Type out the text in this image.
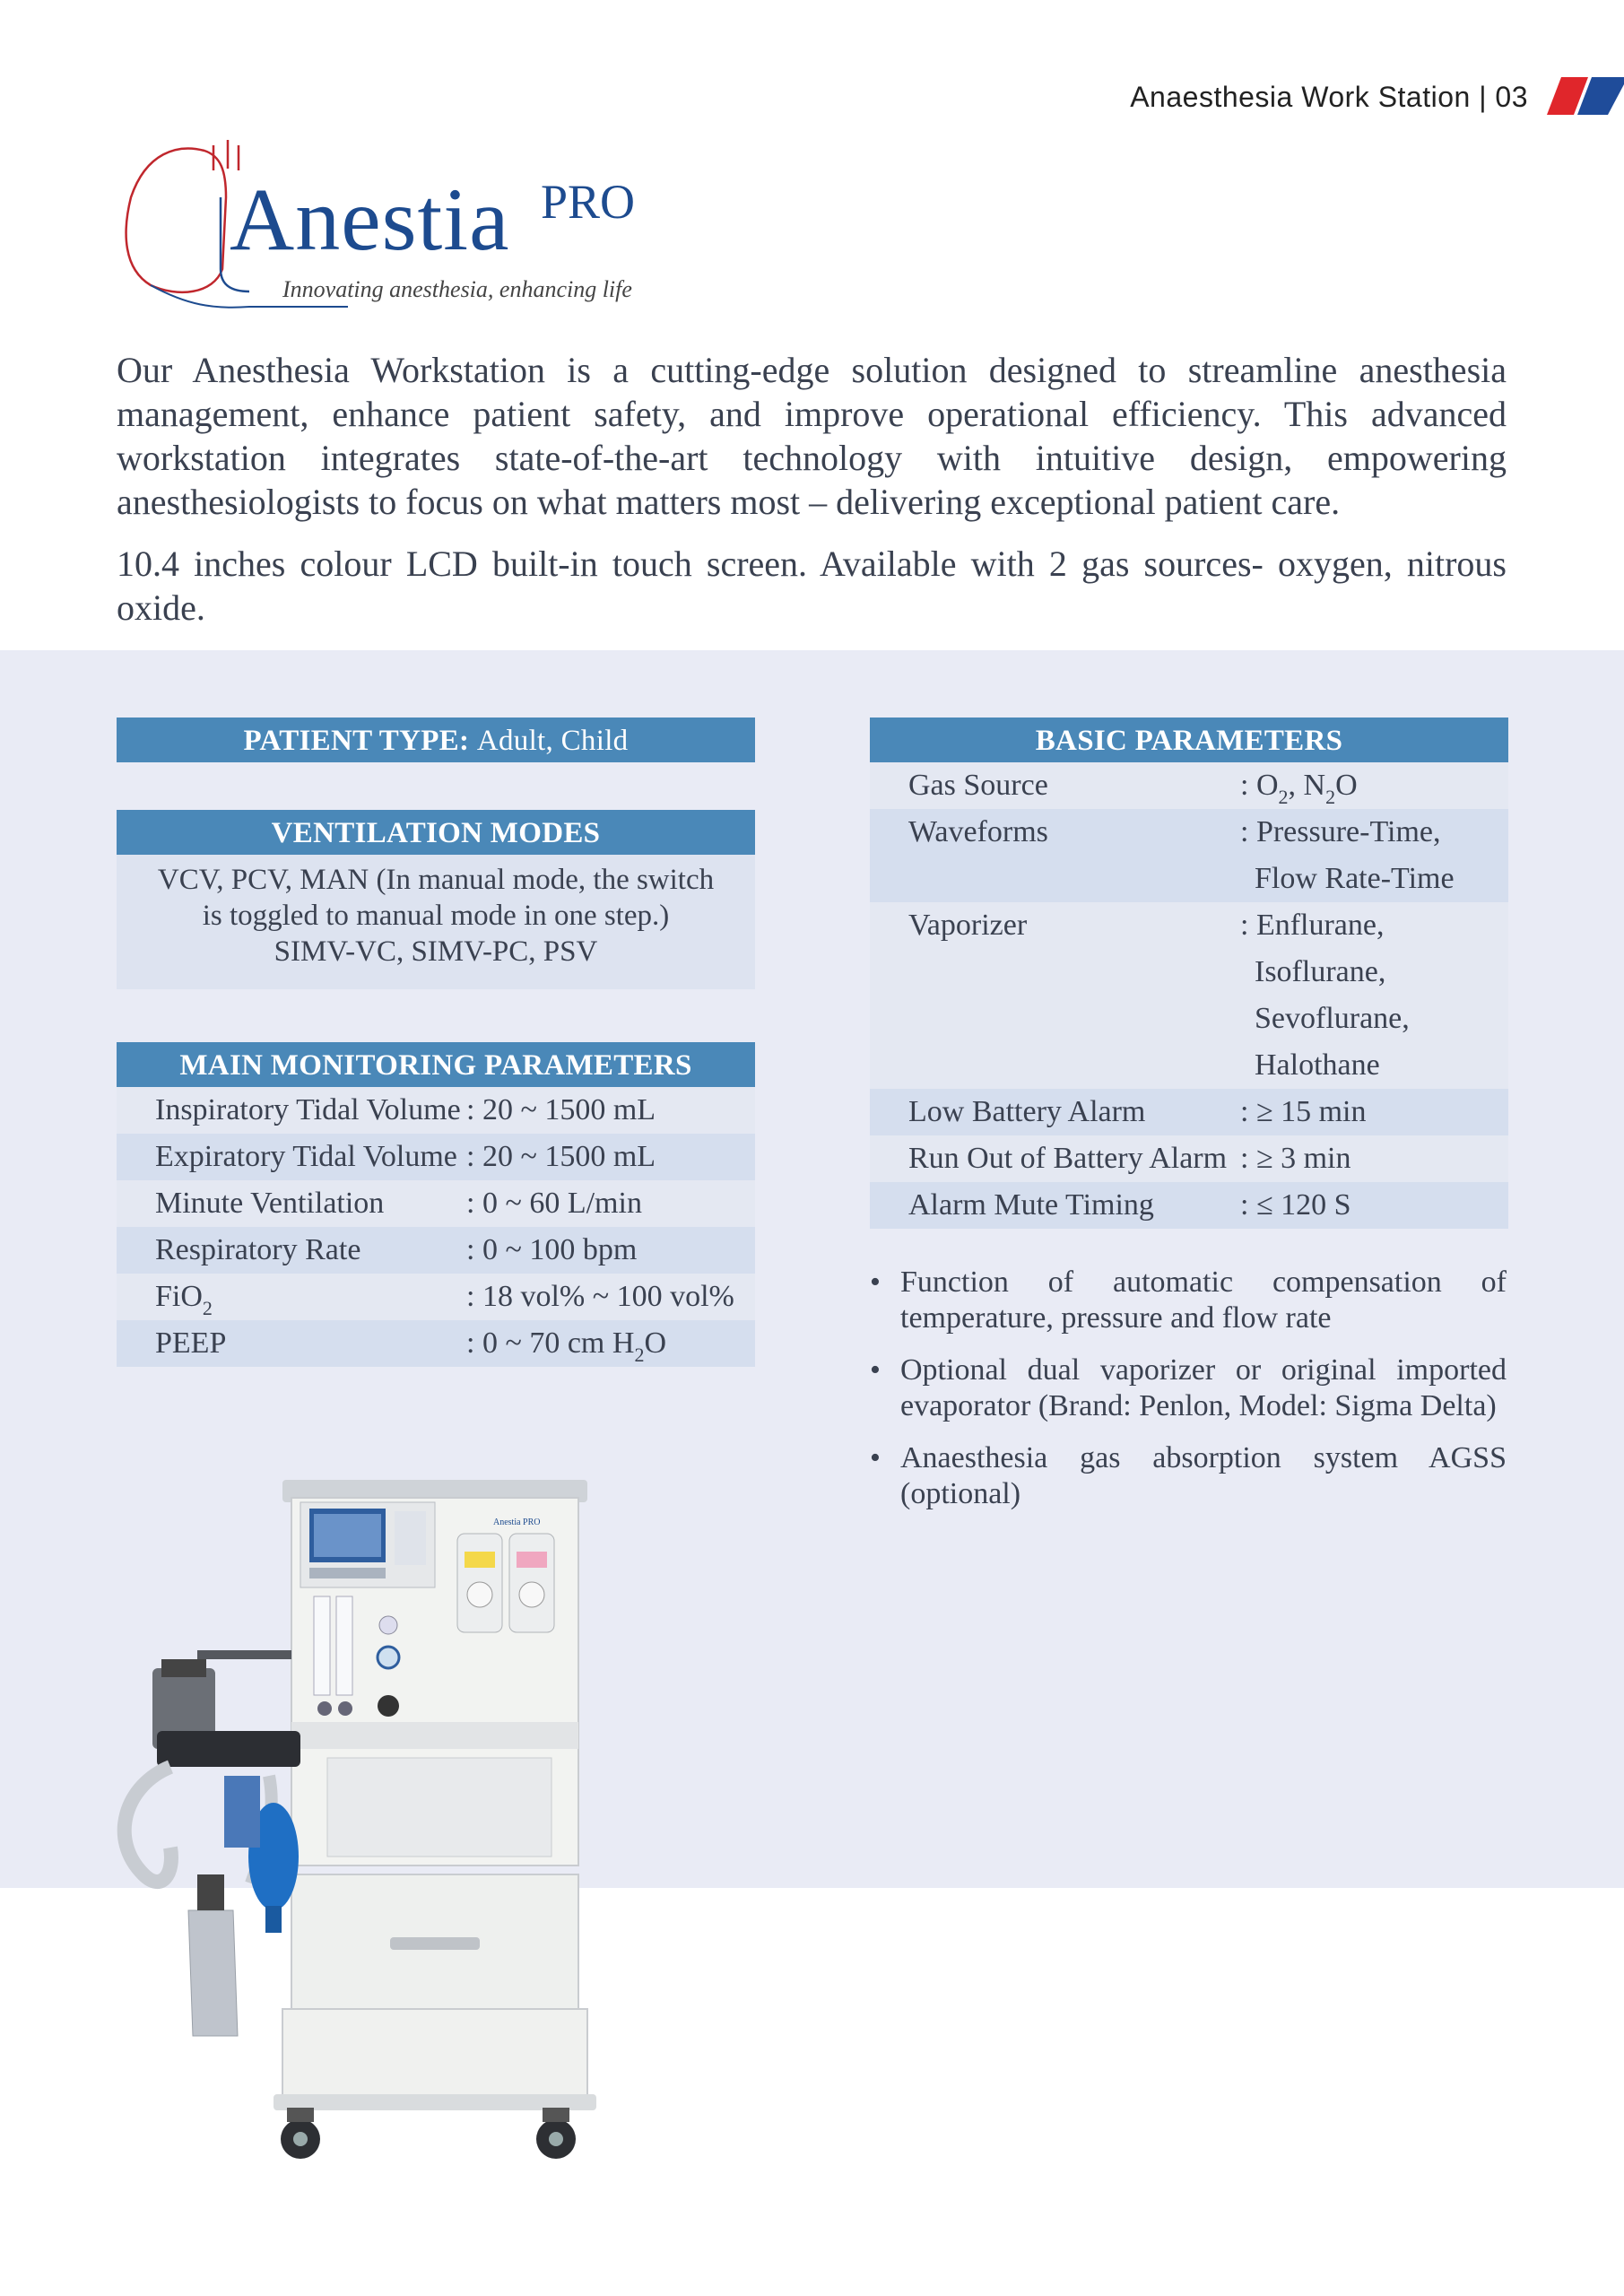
Anaesthesia Work Station | 03
Anestia PRO
Innovating anesthesia, enhancing life

Our Anesthesia Workstation is a cutting-edge solution designed to streamline anesthesia management, enhance patient safety, and improve operational efficiency. This advanced workstation integrates state-of-the-art technology with intuitive design, empowering anesthesiologists to focus on what matters most – delivering exceptional patient care.

10.4 inches colour LCD built-in touch screen. Available with 2 gas sources- oxygen, nitrous oxide.

PATIENT TYPE: Adult, Child
VENTILATION MODES
VCV, PCV, MAN (In manual mode, the switch
is toggled to manual mode in one step.)
SIMV-VC, SIMV-PC, PSV
MAIN MONITORING PARAMETERS
Inspiratory Tidal Volume : 20 ~ 1500 mL
Expiratory Tidal Volume : 20 ~ 1500 mL
Minute Ventilation	: 0 ~ 60 L/min
Respiratory Rate	: 0 ~ 100 bpm
FiO$_2$	: 18 vol% ~ 100 vol%
PEEP	: 0 ~ 70 cm $H_2O$
BASIC PARAMETERS
Gas Source	: $O_2$, $N_2O$
Waveforms	: Pressure-Time,
Flow Rate-Time
Vaporizer	: Enflurane,
Isoflurane,
Sevoflurane,
Halothane
Low Battery Alarm	: ≥ 15 min
Run Out of Battery Alarm : ≥ 3 min
Alarm Mute Timing	: ≤ 120 S
• Function of automatic compensation of temperature, pressure and flow rate
• Optional dual vaporizer or original imported evaporator (Brand: Penlon, Model: Sigma Delta)
• Anaesthesia gas absorption system AGSS (optional)
Anestia PRO
